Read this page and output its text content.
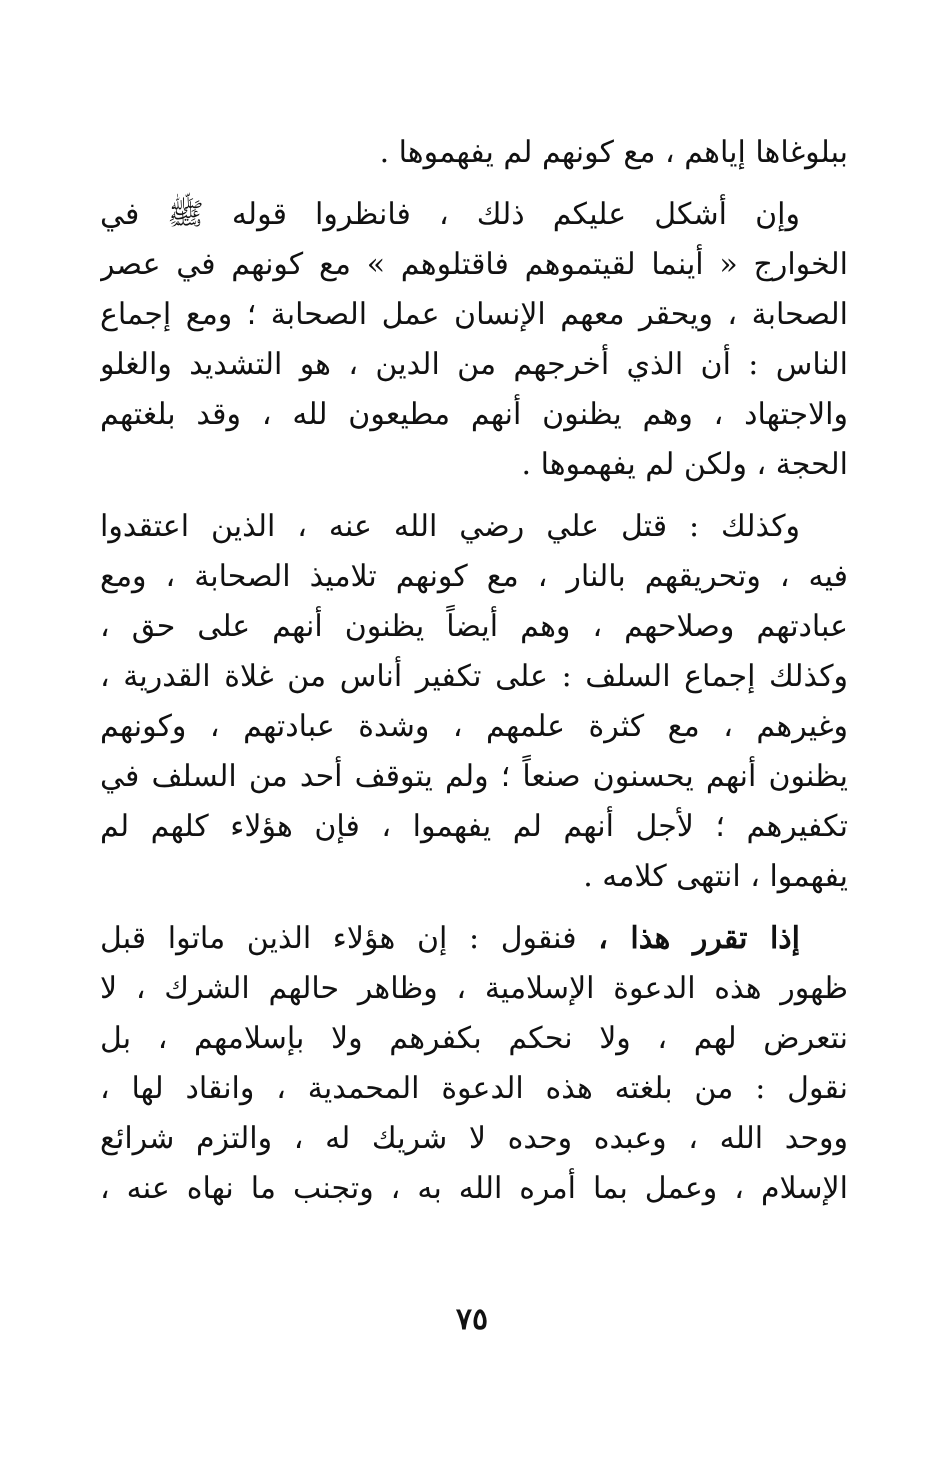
ببلوغاها إياهم ، مع كونهم لم يفهموها .
وإن أشكل عليكم ذلك ، فانظروا قوله ﷺ في
الخوارج « أينما لقيتموهم فاقتلوهم » مع كونهم في عصر
الصحابة ، ويحقر معهم الإنسان عمل الصحابة ؛ ومع إجماع
الناس : أن الذي أخرجهم من الدين ، هو التشديد والغلو
والاجتهاد ، وهم يظنون أنهم مطيعون لله ، وقد بلغتهم
الحجة ، ولكن لم يفهموها .
وكذلك : قتل علي رضي الله عنه ، الذين اعتقدوا
فيه ، وتحريقهم بالنار ، مع كونهم تلاميذ الصحابة ، ومع
عبادتهم وصلاحهم ، وهم أيضاً يظنون أنهم على حق ،
وكذلك إجماع السلف : على تكفير أناس من غلاة القدرية ،
وغيرهم ، مع كثرة علمهم ، وشدة عبادتهم ، وكونهم
يظنون أنهم يحسنون صنعاً ؛ ولم يتوقف أحد من السلف في
تكفيرهم ؛ لأجل أنهم لم يفهموا ، فإن هؤلاء كلهم لم
يفهموا ، انتهى كلامه .
إذا تقرر هذا ، فنقول : إن هؤلاء الذين ماتوا قبل
ظهور هذه الدعوة الإسلامية ، وظاهر حالهم الشرك ، لا
نتعرض لهم ، ولا نحكم بكفرهم ولا بإسلامهم ، بل
نقول : من بلغته هذه الدعوة المحمدية ، وانقاد لها ،
ووحد الله ، وعبده وحده لا شريك له ، والتزم شرائع
الإسلام ، وعمل بما أمره الله به ، وتجنب ما نهاه عنه ،
٧٥
